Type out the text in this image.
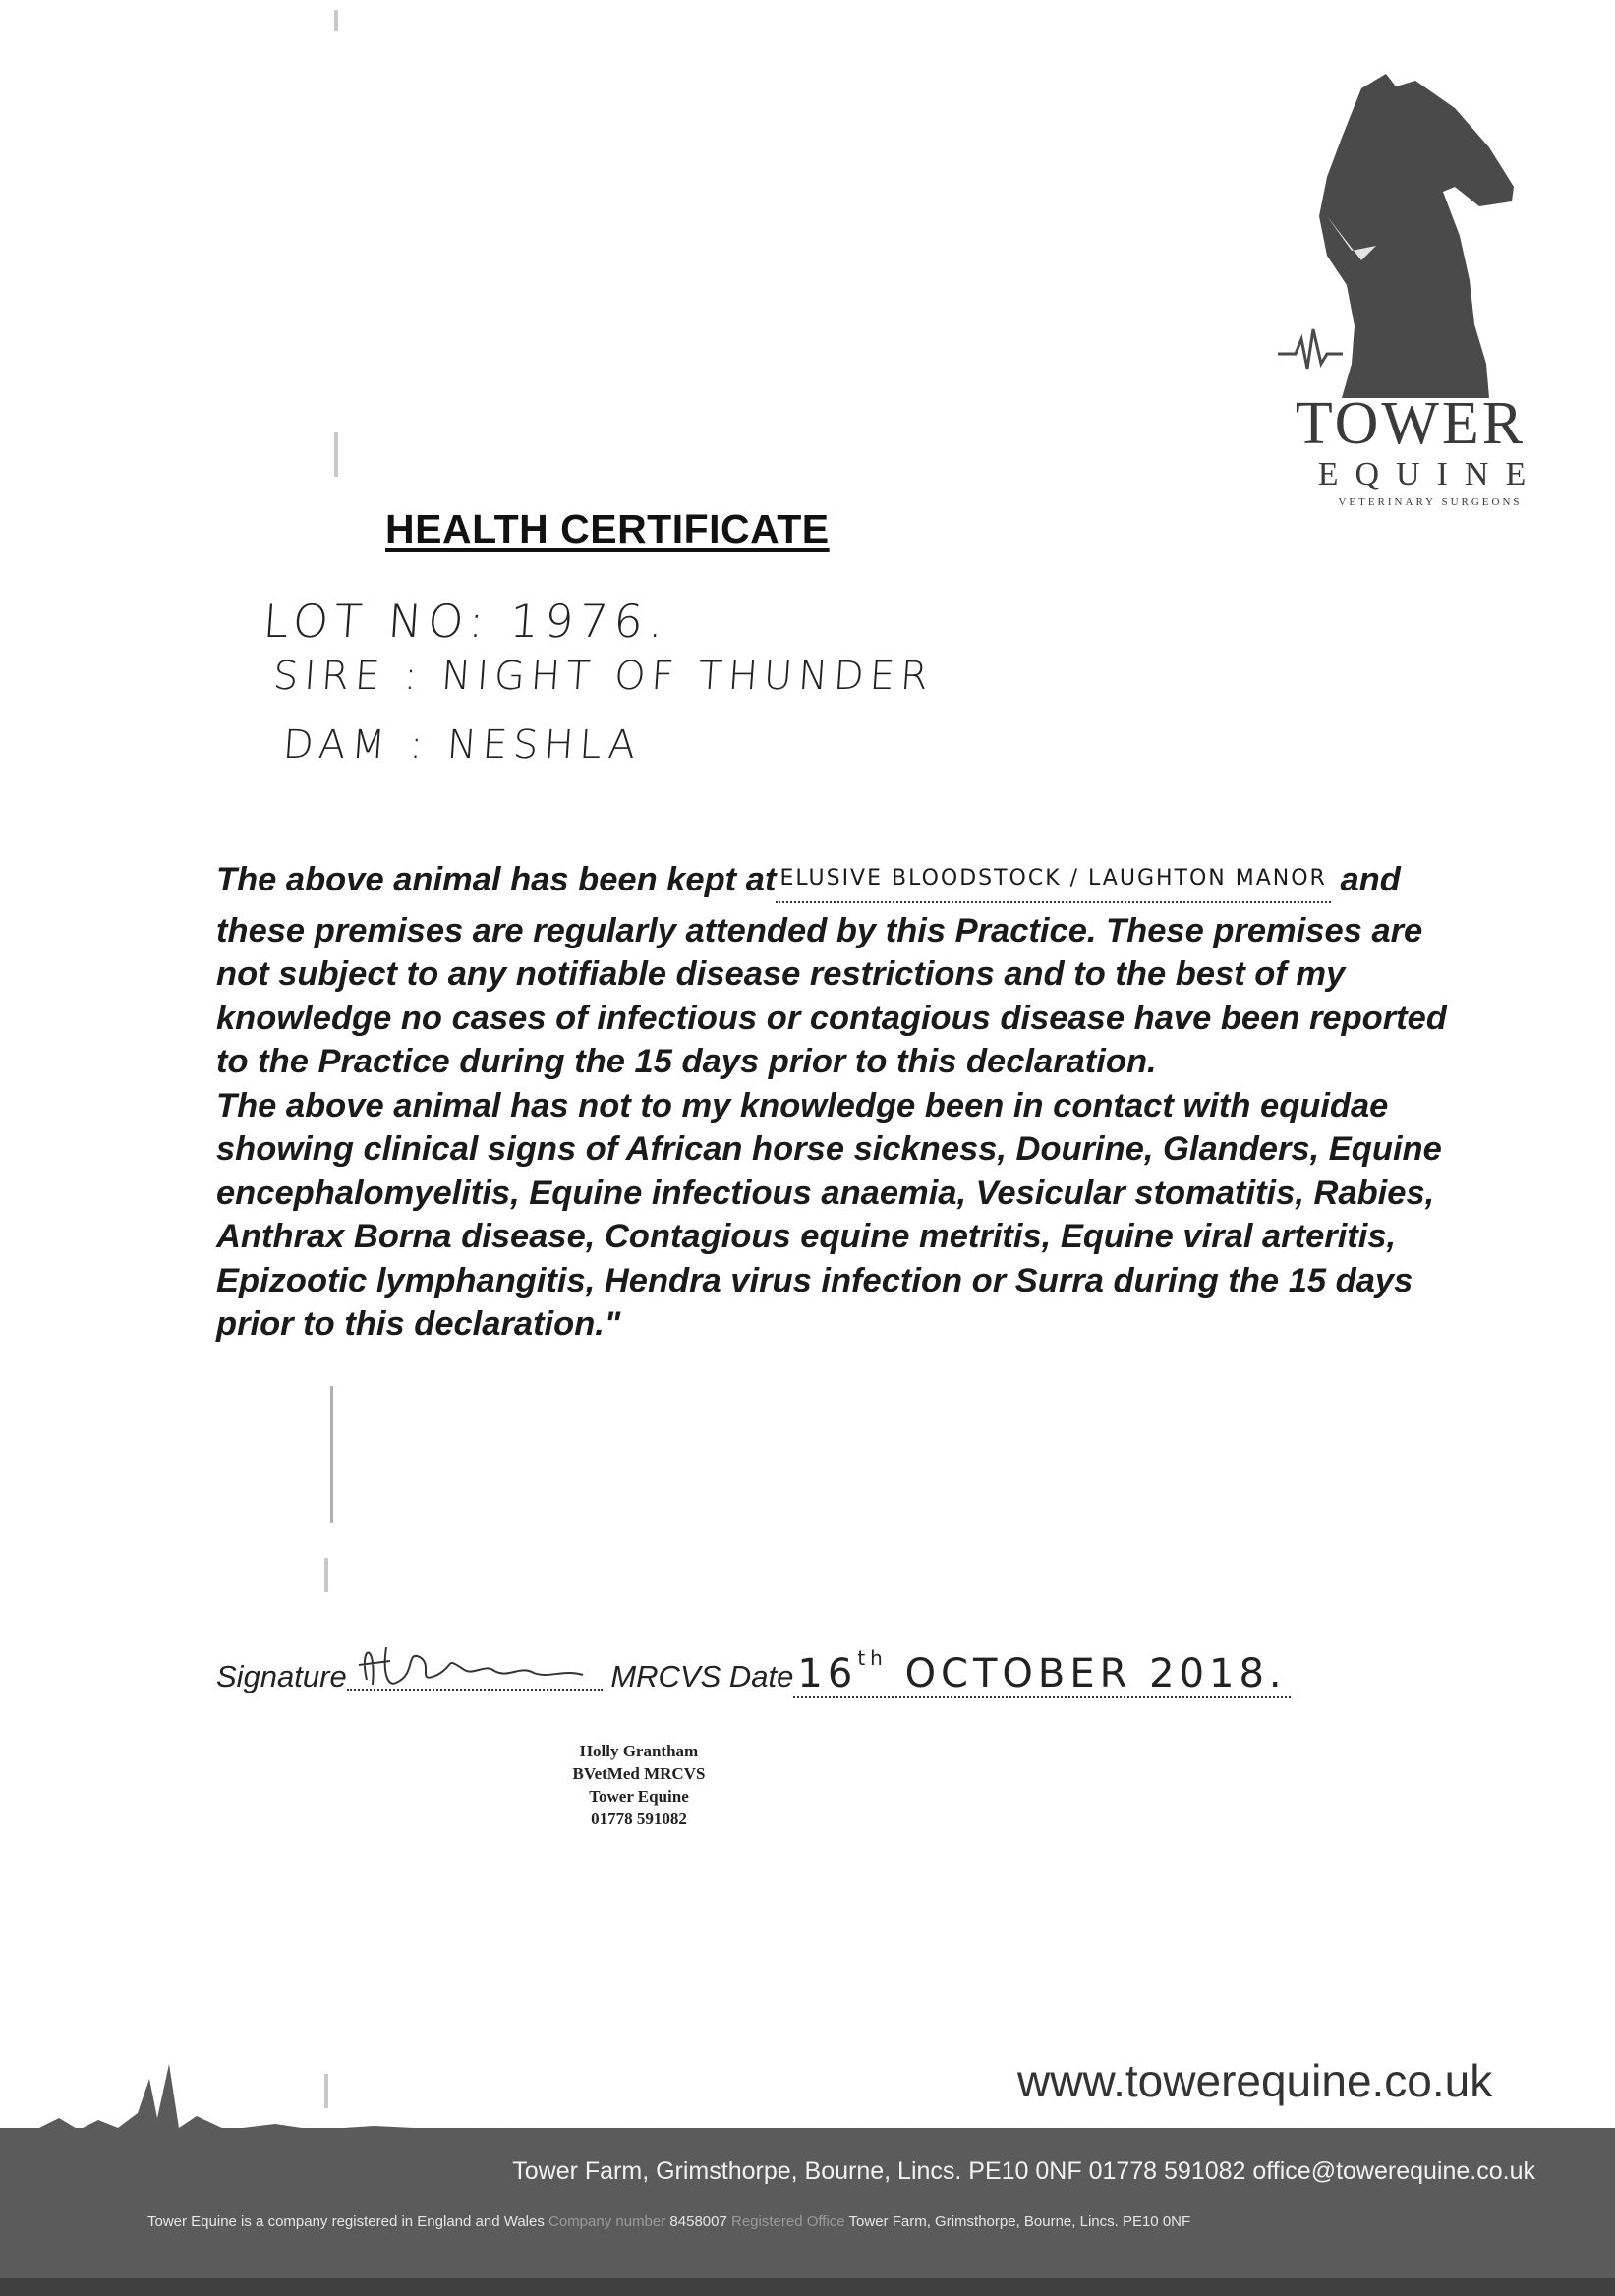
TOWER
EQUINE
VETERINARY SURGEONS
HEALTH CERTIFICATE
LOT NO: 1976.
SIRE : NIGHT OF THUNDER
DAM : NESHLA

The above animal has been kept at ELUSIVE BLOODSTOCK / LAUGHTON MANOR and these premises are regularly attended by this Practice. These premises are not subject to any notifiable disease restrictions and to the best of my knowledge no cases of infectious or contagious disease have been reported to the Practice during the 15 days prior to this declaration.

The above animal has not to my knowledge been in contact with equidae showing clinical signs of African horse sickness, Dourine, Glanders, Equine encephalomyelitis, Equine infectious anaemia, Vesicular stomatitis, Rabies, Anthrax Borna disease, Contagious equine metritis, Equine viral arteritis, Epizootic lymphangitis, Hendra virus infection or Surra during the 15 days prior to this declaration."

Signature	MRCVS Date 16th OCTOBER 2018.
Holly Grantham
BVetMed MRCVS
Tower Equine
01778 591082
www.towerequine.co.uk
Tower Farm, Grimsthorpe, Bourne, Lincs. PE10 0NF 01778 591082 office@towerequine.co.uk
Tower Equine is a company registered in England and Wales Company number 8458007 Registered Office Tower Farm, Grimsthorpe, Bourne, Lincs. PE10 0NF
